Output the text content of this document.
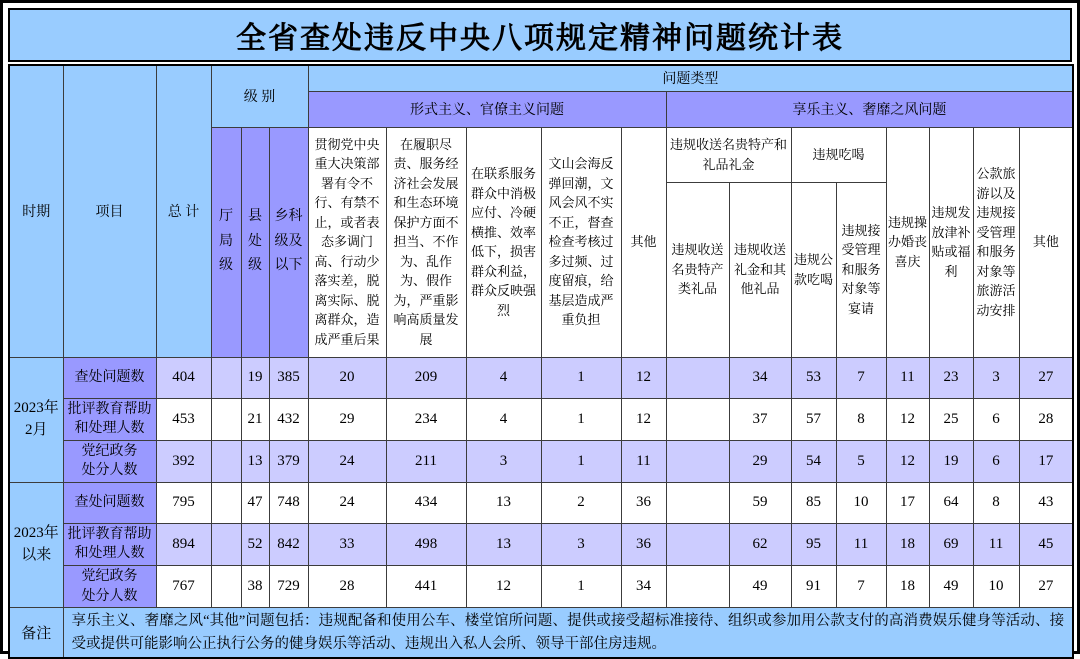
全省查处违反中央八项规定精神问题统计表
时期	项目	总 计	级 别			问题类型												
						形式主义、官僚主义问题					享乐主义、奢靡之风问题							
			厅局级	县处级	乡科级及以下	贯彻党中央重大决策部署有令不行、有禁不止，或者表态多调门高、行动少落实差，脱离实际、脱离群众，造成严重后果	在履职尽责、服务经济社会发展和生态环境保护方面不担当、不作为、乱作为、假作为，严重影响高质量发展	在联系服务群众中消极应付、冷硬横推、效率低下，损害群众利益，群众反映强烈	文山会海反弹回潮，文风会风不实不正，督查检查考核过多过频、过度留痕，给基层造成严重负担	其他	违规收送名贵特产和礼品礼金		违规吃喝		违规操办婚丧喜庆	违规发放津补贴或福利	公款旅游以及违规接受管理和服务对象等旅游活动安排	其他
											违规收送名贵特产类礼品	违规收送礼金和其他礼品	违规公款吃喝	违规接受管理和服务对象等宴请				

2023年
2月	查处问题数	404		19	385	20	209	4	1	12		34	53	7	11	23	3	27

	批评教育帮助
和处理人数	453		21	432	29	234	4	1	12		37	57	8	12	25	6	28

	党纪政务
处分人数	392		13	379	24	211	3	1	11		29	54	5	12	19	6	17

2023年
以来	查处问题数	795		47	748	24	434	13	2	36		59	85	10	17	64	8	43

	批评教育帮助
和处理人数	894		52	842	33	498	13	3	36		62	95	11	18	69	11	45

	党纪政务
处分人数	767		38	729	28	441	12	1	34		49	91	7	18	49	10	27
备注	享乐主义、奢靡之风“其他”问题包括：违规配备和使用公车、楼堂馆所问题、提供或接受超标准接待、组织或参加用公款支付的高消费娱乐健身等活动、接受或提供可能影响公正执行公务的健身娱乐等活动、违规出入私人会所、领导干部住房违规。																	
